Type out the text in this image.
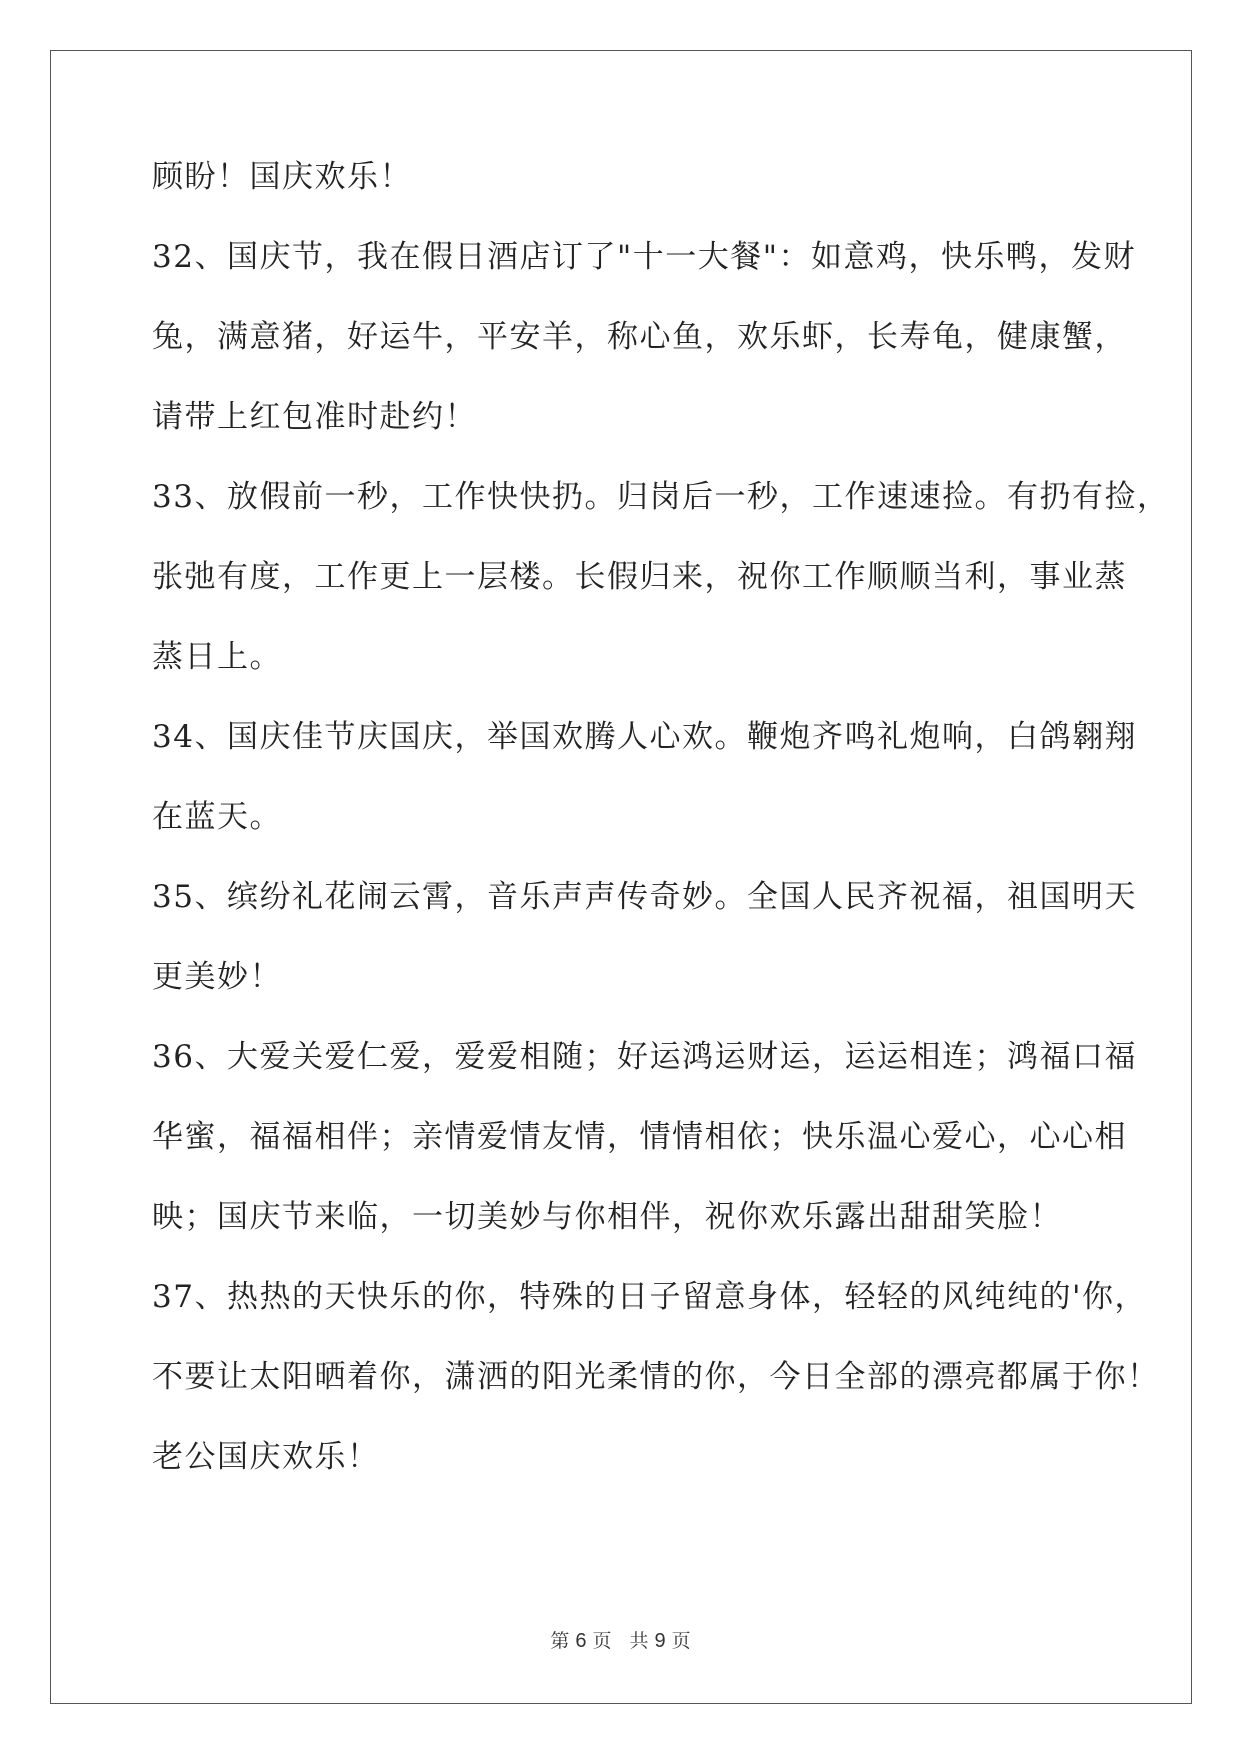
顾盼！国庆欢乐！
32、国庆节，我在假日酒店订了"十一大餐"：如意鸡，快乐鸭，发财
兔，满意猪，好运牛，平安羊，称心鱼，欢乐虾，长寿龟，健康蟹，
请带上红包准时赴约！
33、放假前一秒，工作快快扔。归岗后一秒，工作速速捡。有扔有捡，
张弛有度，工作更上一层楼。长假归来，祝你工作顺顺当利，事业蒸
蒸日上。
34、国庆佳节庆国庆，举国欢腾人心欢。鞭炮齐鸣礼炮响，白鸽翱翔
在蓝天。
35、缤纷礼花闹云霄，音乐声声传奇妙。全国人民齐祝福，祖国明天
更美妙！
36、大爱关爱仁爱，爱爱相随；好运鸿运财运，运运相连；鸿福口福
华蜜，福福相伴；亲情爱情友情，情情相依；快乐温心爱心，心心相
映；国庆节来临，一切美妙与你相伴，祝你欢乐露出甜甜笑脸！
37、热热的天快乐的你，特殊的日子留意身体，轻轻的风纯纯的'你，
不要让太阳晒着你，潇洒的阳光柔情的你，今日全部的漂亮都属于你！
老公国庆欢乐！
第 6 页 共 9 页
